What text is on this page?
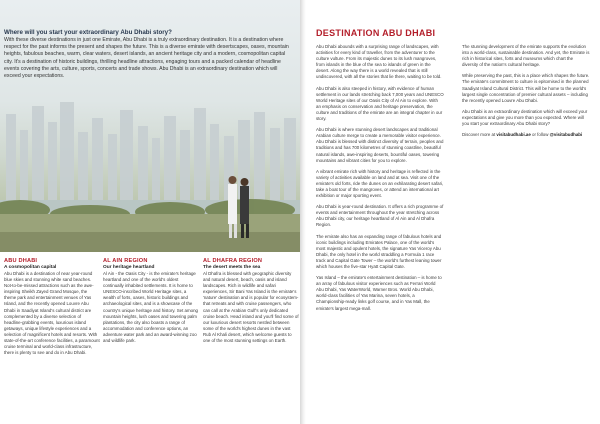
Where will you start your extraordinary Abu Dhabi story?
With these diverse destinations in just one Emirate, Abu Dhabi is a truly extraordinary destination. It is a destination where respect for the past informs the present and shapes the future. This is a diverse emirate with desertscapes, oases, mountain heights, fabulous beaches, warm, clear waters, desert islands, an ancient heritage city and a modern, cosmopolitan capital city. It's a destination of historic buildings, thrilling headline attractions, engaging tours and a packed calendar of headline events covering the arts, culture, sports, concerts and trade shows. Abu Dhabi is an extraordinary destination which will exceed your expectations.
ABU DHABI
A cosmopolitan capital
Abu Dhabi is a destination of near year-round blue skies and stunning white sand beaches. Not-to-be-missed attractions such as the awe-inspiring Sheikh Zayed Grand Mosque, the theme park and entertainment venues of Yas Island, and the recently opened Louvre Abu Dhabi in Saadiyat Island's cultural district are complemented by a diverse selection of headline-grabbing events, luxurious island getaways, unique lifestyle experiences and a selection of magnificent hotels and resorts. With state-of-the-art conference facilities, a paramount cruise terminal and world-class infrastructure, there is plenty to see and do in Abu Dhabi.
AL AIN REGION
Our heritage heartland
Al Ain - the Oasis City - is the emirate's heritage heartland and one of the world's oldest continually inhabited settlements. It is home to UNESCO-inscribed World Heritage sites, a wealth of forts, oases, historic buildings and archaeological sites, and is a showcase of the country's unique heritage and history. Set among mountain heights, lush oases and towering palm plantations, the city also boasts a range of accommodation and conference options, an adventure water park and an award-winning zoo and wildlife park.
AL DHAFRA REGION
The desert meets the sea
Al Dhafra is blessed with geographic diversity and natural desert, beach, oasis and island landscapes. Rich in wildlife and safari experiences, Sir Bani Yas Island is the emirate's 'nature' destination and is popular for ecosystem-that retreats and with cruise passengers, who can call at the Arabian Gulf's only dedicated cruise beach. Head inland and you'll find some of our luxurious desert resorts nestled between some of the world's highest dunes in the vast Rub Al Khali desert, which welcome guests to one of the most stunning settings on Earth.
DESTINATION ABU DHABI

Abu Dhabi abounds with a surprising range of landscapes, with activities for every kind of traveller, from the adventurer to the culture vulture. From its majestic dunes to its lush mangroves, from islands in the blue of the sea to islands of green in the desert. Along the way there is a world revealed that is still undiscovered, with all the stories that lie there, waiting to be told.

Abu Dhabi is also steeped in history, with evidence of human settlement in our lands stretching back 7,000 years and UNESCO World Heritage sites of our Oasis City of Al Ain to explore. With an emphasis on conservation and heritage preservation, the culture and traditions of the emirate are an integral chapter in our story.

Abu Dhabi is where stunning desert landscapes and traditional Arabian culture merge to create a memorable visitor experience. Abu Dhabi is blessed with distinct diversity of terrain, peoples and traditions and has 700 kilometres of stunning coastline, beautiful natural islands, awe-inspiring deserts, bountiful oases, towering mountains and vibrant cities for you to explore.

A vibrant emirate rich with history and heritage is reflected in the variety of activities available on land and at sea. Visit one of the emirate's old forts, ride the dunes on an exhilarating desert safari, take a boat tour of the mangroves, or attend an international art exhibition or major sporting event.

Abu Dhabi is year-round destination. It offers a rich programme of events and entertainment throughout the year stretching across Abu Dhabi city, our heritage heartland of Al Ain and Al Dhafra Region.

The emirate also has an expanding range of fabulous hotels and iconic buildings including Emirates Palace, one of the world's most majestic and opulent hotels, the signature Yas Viceroy Abu Dhabi, the only hotel in the world straddling a Formula 1 race track and Capital Gate Tower – the world's furthest leaning tower which houses the five-star Hyatt Capital Gate.

Yas Island – the emirate's entertainment destination – is home to an array of fabulous visitor experiences such as Ferrari World Abu Dhabi, Yas WaterWorld, Warner Bros. World Abu Dhabi, world-class facilities of Yas Marina, seven hotels, a Championship-ready links golf course, and in Yas Mall, the emirate's largest mega-mall.

The stunning development of the emirate supports the evolution into a world-class, sustainable destination. And yet, the Emirate is rich in historical sites, forts and museums which chart the diversity of the nation's cultural heritage.

While preserving the past, this is a place which shapes the future. The emirate's commitment to culture is epitomised in the planned Saadiyat Island Cultural District. This will be home to the world's largest single concentration of premier cultural assets – including the recently opened Louvre Abu Dhabi.

Abu Dhabi is an extraordinary destination which will exceed your expectations and give you more than you expected. Where will you start your extraordinary Abu Dhabi story?

Discover more at visitabudhabi.ae or follow @visitabudhabi
